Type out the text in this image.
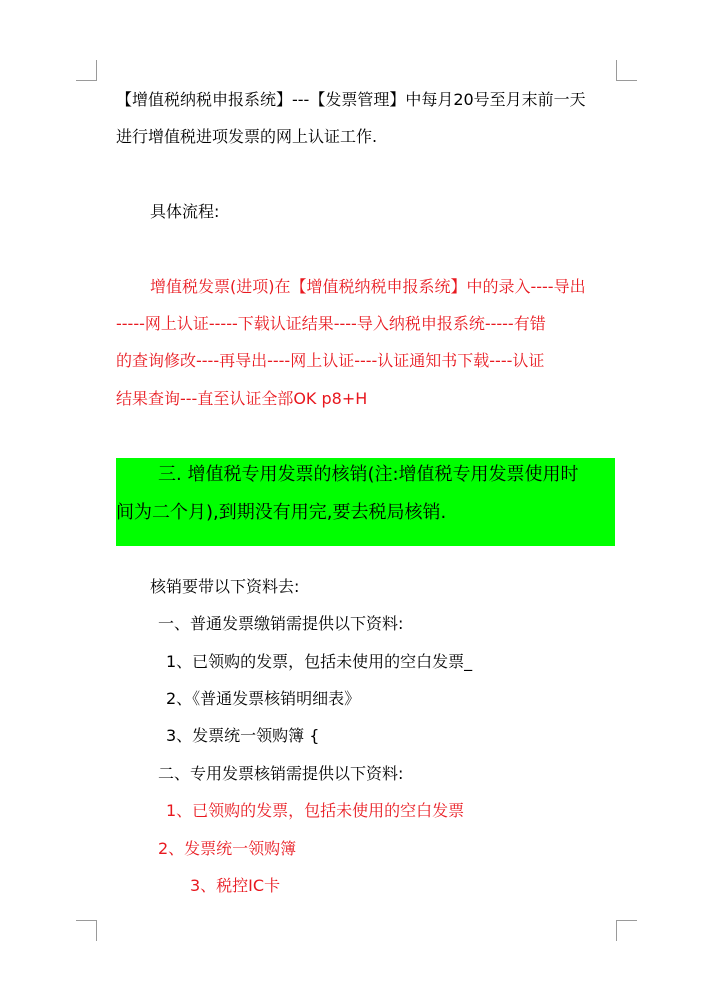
【增值税纳税申报系统】---【发票管理】中每月20号至月末前一天
进行增值税进项发票的网上认证工作.
具体流程:
增值税发票(进项)在【增值税纳税申报系统】中的录入----导出
-----网上认证-----下载认证结果----导入纳税申报系统-----有错
的查询修改----再导出----网上认证----认证通知书下载----认证
结果查询---直至认证全部OK p8+H
三. 增值税专用发票的核销(注:增值税专用发票使用时
间为二个月),到期没有用完,要去税局核销.
核销要带以下资料去:
一、普通发票缴销需提供以下资料:
1、已领购的发票，包括未使用的空白发票_
2、《普通发票核销明细表》
3、发票统一领购簿 {
二、专用发票核销需提供以下资料:
1、已领购的发票，包括未使用的空白发票
2、发票统一领购簿
3、税控IC卡
